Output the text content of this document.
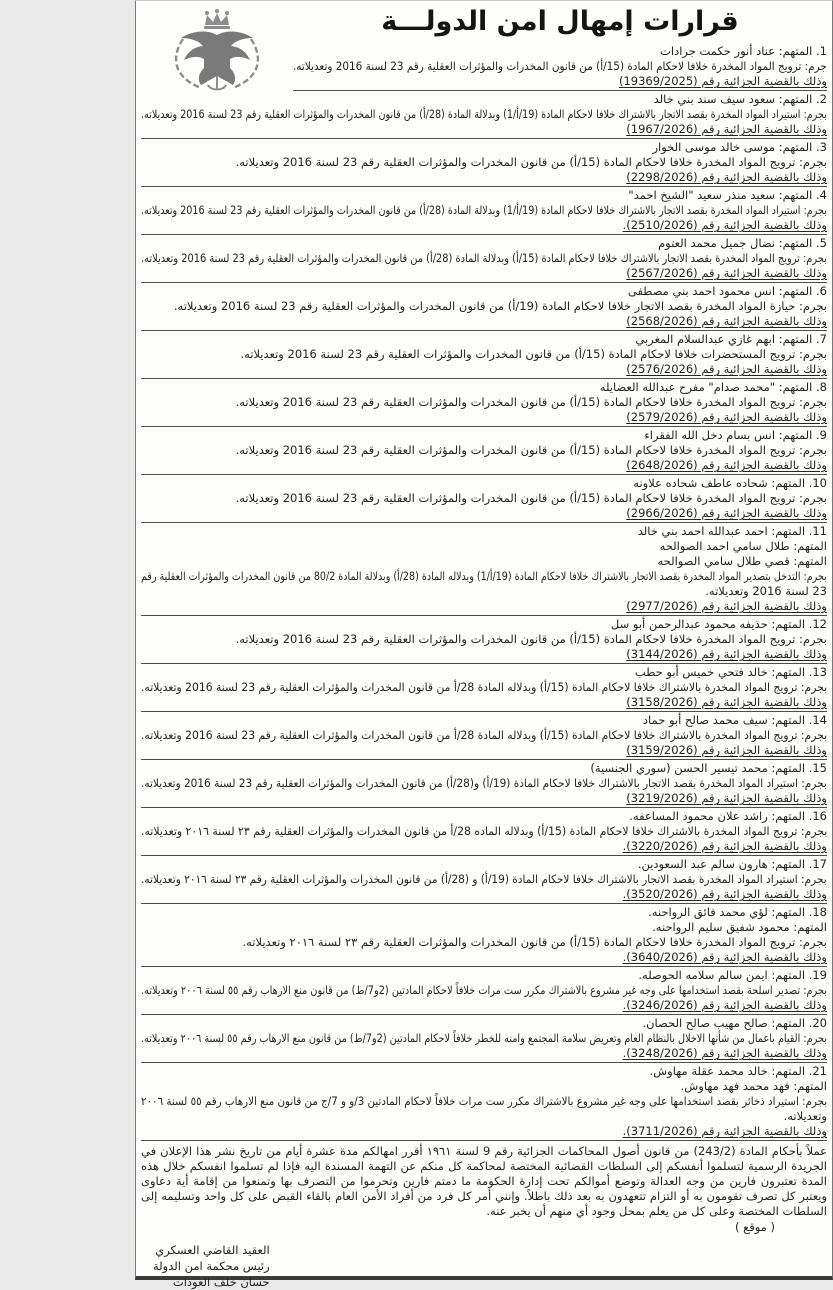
قرارات إمهال امن الدولـــة
1. المتهم: عناد أنور حكمت جرادات
جرم: ترويج المواد المخدرة خلافا لاحكام المادة (15/أ) من قانون المخدرات والمؤثرات العقلية رقم 23 لسنة 2016 وتعديلاته.
وذلك بالقضية الجزائية رقم (19369/2025)
2. المتهم: سعود سيف سند بني خالد
بجرم: استيراد المواد المخدرة بقصد الاتجار بالاشتراك خلافا لاحكام المادة (19/أ/1) وبدلالة المادة (28/أ) من قانون المخدرات والمؤثرات العقلية رقم 23 لسنة 2016 وتعديلاته.
وذلك بالقضية الجزائية رقم (1967/2026)
3. المتهم: موسى خالد موسى الخوار
بجرم: ترويج المواد المخدرة خلافا لاحكام المادة (15/أ) من قانون المخدرات والمؤثرات العقلية رقم 23 لسنة 2016 وتعديلاته.
وذلك بالقضية الجزائية رقم (2298/2026)
4. المتهم: سعيد منذر سعيد "الشيخ احمد"
بجرم: استيراد المواد المخدرة بقصد الاتجار بالاشتراك خلافا لاحكام المادة (19/أ/1) وبدلالة المادة (28/أ) من قانون المخدرات والمؤثرات العقلية رقم 23 لسنة 2016 وتعديلاته.
وذلك بالقضية الجزائية رقم (2510/2026).
5. المتهم: نضال جميل محمد العتوم
بجرم: ترويج المواد المخدرة بقصد الاتجار بالاشتراك خلافا لاحكام المادة (15/أ) وبدلالة المادة (28/أ) من قانون المخدرات والمؤثرات العقلية رقم 23 لسنة 2016 وتعديلاته.
وذلك بالقضية الجزائية رقم (2567/2026)
6. المتهم: انس محمود احمد بني مصطفى
بجرم: حيازة المواد المخدرة بقصد الاتجار خلافا لاحكام المادة (19/أ) من قانون المخدرات والمؤثرات العقلية رقم 23 لسنة 2016 وتعديلاته.
وذلك بالقضية الجزائية رقم (2568/2026)
7. المتهم: ابهم غازي عبدالسلام المغربي
بجرم: ترويج المستحضرات خلافا لاحكام المادة (15/أ) من قانون المخدرات والمؤثرات العقلية رقم 23 لسنة 2016 وتعديلاته.
وذلك بالقضية الجزائية رقم (2576/2026)
8. المتهم: "محمد صدام" مفرح عبدالله العضايله
بجرم: ترويج المواد المخدرة خلافا لاحكام المادة (15/أ) من قانون المخدرات والمؤثرات العقلية رقم 23 لسنة 2016 وتعديلاته.
وذلك بالقضية الجزائية رقم (2579/2026)
9. المتهم: انس بسام دخل الله الفقراء
بجرم: ترويج المواد المخدرة خلافا لاحكام المادة (15/أ) من قانون المخدرات والمؤثرات العقلية رقم 23 لسنة 2016 وتعديلاته.
وذلك بالقضية الجزائية رقم (2648/2026)
10. المتهم: شحاده عاطف شحاده علاونه
بجرم: ترويج المواد المخدرة خلافا لاحكام المادة (15/أ) من قانون المخدرات والمؤثرات العقلية رقم 23 لسنة 2016 وتعديلاته.
وذلك بالقضية الجزائية رقم (2966/2026)
11. المتهم: احمد عبدالله احمد بني خالد
المتهم: طلال سامي احمد الصوالحه
المتهم: قصي طلال سامي الصوالحه
بجرم: التدخل بتصدير المواد المخدرة بقصد الاتجار بالاشتراك خلافا لاحكام المادة (19/أ/1) وبدلاله المادة (28/أ) وبدلالة المادة 80/2 من قانون المخدرات والمؤثرات العقلية رقم
23 لسنة 2016 وتعديلاته.
وذلك بالقضية الجزائية رقم (2977/2026)
12. المتهم: حذيفه محمود عبدالرحمن أبو سل
بجرم: ترويج المواد المخدرة خلافا لاحكام المادة (15/أ) من قانون المخدرات والمؤثرات العقلية رقم 23 لسنة 2016 وتعديلاته.
وذلك بالقضية الجزائية رقم (3144/2026)
13. المتهم: خالد فتحي خميس أبو حطب
بجرم: ترويج المواد المخدرة بالاشتراك خلافا لاحكام المادة (15/أ) وبدلاله المادة 28/أ من قانون المخدرات والمؤثرات العقلية رقم 23 لسنة 2016 وتعديلاته.
وذلك بالقضية الجزائية رقم (3158/2026)
14. المتهم: سيف محمد صالح أبو حماد
بجرم: ترويج المواد المخدرة بالاشتراك خلافا لاحكام المادة (15/أ) وبدلاله المادة 28/أ من قانون المخدرات والمؤثرات العقلية رقم 23 لسنة 2016 وتعديلاته.
وذلك بالقضية الجزائية رقم (3159/2026)
15. المتهم: محمد تيسير الحسن (سوري الجنسية)
بجرم: استيراد المواد المخدرة بقصد الاتجار بالاشتراك خلافا لاحكام المادة (19/أ) و(28/أ) من قانون المخدرات والمؤثرات العقلية رقم 23 لسنة 2016 وتعديلاته.
وذلك بالقضية الجزائية رقم (3219/2026)
16. المتهم: راشد علان محمود المساعفه.
بجرم: ترويج المواد المخدرة بالاشتراك خلافا لاحكام المادة (15/أ) وبدلاله الماده 28/أ من قانون المخدرات والمؤثرات العقلية رقم ٢٣ لسنة ٢٠١٦ وتعديلاته.
وذلك بالقضية الجزائية رقم (3220/2026).
17. المتهم: هارون سالم عبد السعودين.
بجرم: استيراد المواد المخدرة بقصد الاتجار بالاشتراك خلافا لاحكام المادة (19/أ) و (28/أ) من قانون المخدرات والمؤثرات العقلية رقم ٢٣ لسنة ٢٠١٦ وتعديلاته.
وذلك بالقضية الجزائية رقم (3520/2026).
18. المتهم: لؤي محمد فائق الرواحنه.
المتهم: محمود شفيق سليم الرواحنه.
بجرم: ترويج المواد المخدرة خلافا لاحكام المادة (15/أ) من قانون المخدرات والمؤثرات العقلية رقم ٢٣ لسنة ٢٠١٦ وتعديلاته.
وذلك بالقضية الجزائية رقم (3640/2026).
19. المتهم: ايمن سالم سلامه الحوصله.
بجرم: تصدير اسلحة بقصد استخدامها على وجه غير مشروع بالاشتراك مكرر ست مرات خلافاً لاحكام المادتين (2و7/ط) من قانون منع الارهاب رقم ٥٥ لسنة ٢٠٠٦ وتعديلاته.
وذلك بالقضية الجزائية رقم (3246/2026).
20. المتهم: صالح مهيب صالح الحصان.
بجرم: القيام باعمال من شأنها الاخلال بالنظام العام وتعريض سلامة المجتمع وامنه للخطر خلافاً لاحكام المادتين (2و7/ط) من قانون منع الارهاب رقم ٥٥ لسنة ٢٠٠٦ وتعديلاته.
وذلك بالقضية الجزائية رقم (3248/2026).
21. المتهم: خالد محمد عقلة مهاوش.
المتهم: فهد محمد فهد مهاوش.
بجرم: استيراد ذخائر بقصد استخدامها على وجه غير مشروع بالاشتراك مكرر ست مرات خلافاً لاحكام المادتين 3/و و 7/ج من قانون منع الارهاب رقم ٥٥ لسنة ٢٠٠٦
وتعديلاته.
وذلك بالقضية الجزائية رقم (3711/2026).
عملاً بأحكام المادة (243/2) من قانون أصول المحاكمات الجزائية رقم 9 لسنة ١٩٦١ أقرر امهالكم مدة عشرة أيام من تاريخ نشر هذا الإعلان في الجريدة الرسمية لتسلموا أنفسكم إلى السلطات القضائية المختصة لمحاكمة كل منكم عن التهمة المسندة اليه فإذا لم تسلموا انفسكم خلال هذه المدة تعتبرون فارين من وجه العدالة وتوضع أموالكم تحت إدارة الحكومة ما دمتم فارين وتحرموا من التصرف بها وتمنعوا من إقامة أية دعاوى ويعتبر كل تصرف تقومون به أو التزام تتعهدون به بعد ذلك باطلاً. وإنني أمر كل فرد من أفراد الأمن العام بالقاء القبض على كل واحد وتسليمه إلى السلطات المختصة وعلى كل من يعلم بمحل وجود أي منهم أن يخبر عنه.
( موقع )
العقيد القاضي العسكري
رئيس محكمة امن الدولة
حسان خلف العودات
